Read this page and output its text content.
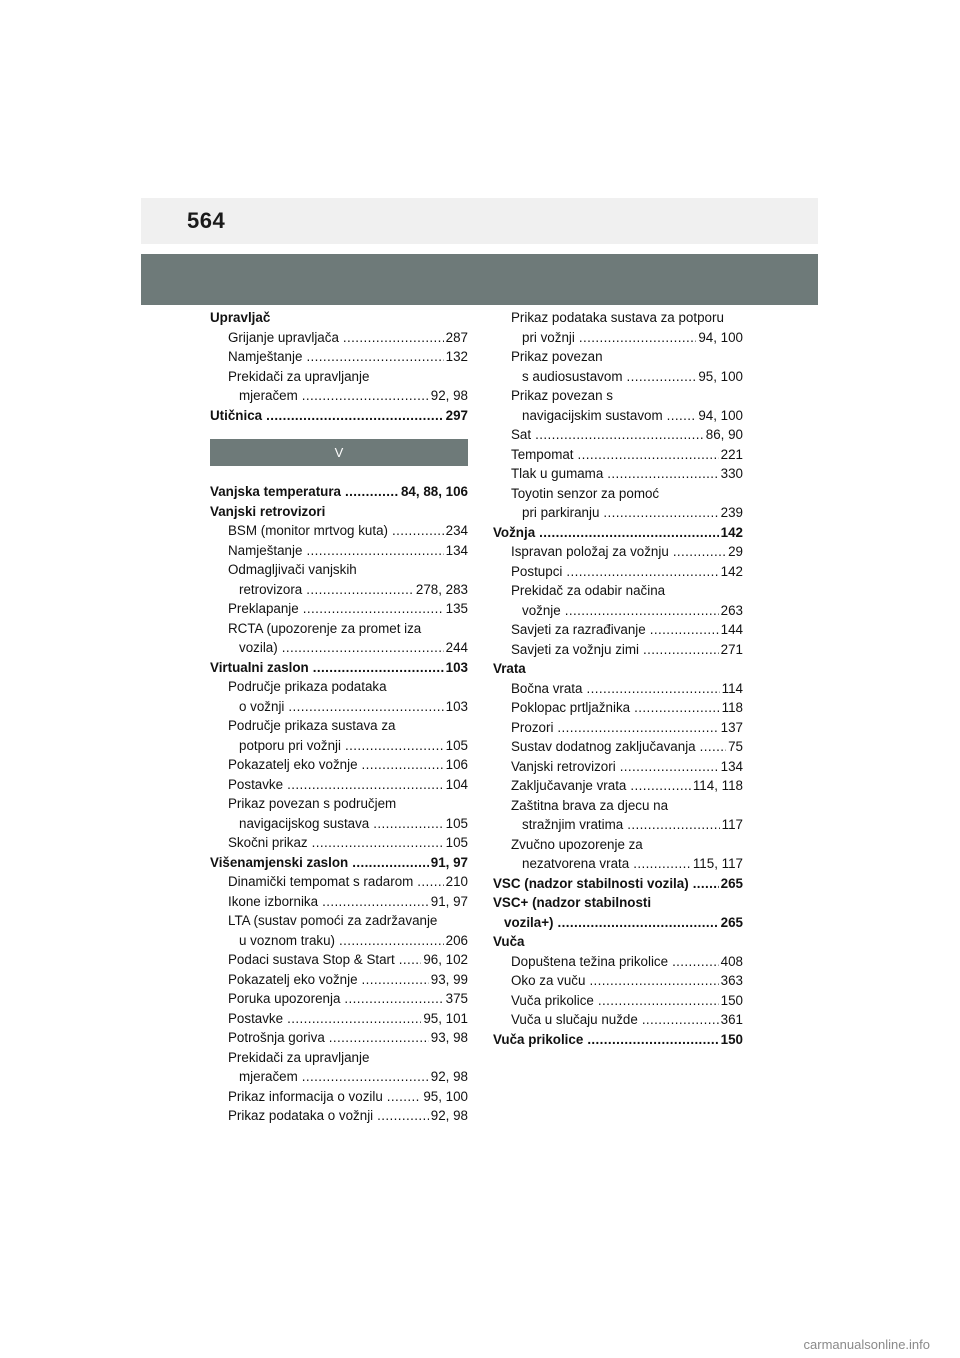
564
Upravljač
Grijanje upravljača .....	287
Namještanje .....	132
Prekidači za upravljanje
mjeračem .....	92, 98
Utičnica .....	297
V
Vanjska temperatura .....	84, 88, 106
Vanjski retrovizori
BSM (monitor mrtvog kuta) .....	234
Namještanje .....	134
Odmagljivači vanjskih
retrovizora .....	278, 283
Preklapanje .....	135
RCTA (upozorenje za promet iza
vozila) .....	244
Virtualni zaslon .....	103
Područje prikaza podataka
o vožnji .....	103
Područje prikaza sustava za
potporu pri vožnji .....	105
Pokazatelj eko vožnje .....	106
Postavke .....	104
Prikaz povezan s područjem
navigacijskog sustava .....	105
Skočni prikaz .....	105
Višenamjenski zaslon .....	91, 97
Dinamički tempomat s radarom ..... 210
Ikone izbornika .....	91, 97
LTA (sustav pomoći za zadržavanje
u voznom traku) .....	206
Podaci sustava Stop & Start ..... 96, 102
Pokazatelj eko vožnje .....	93, 99
Poruka upozorenja .....	375
Postavke .....	95, 101
Potrošnja goriva .....	93, 98
Prekidači za upravljanje
mjeračem .....	92, 98
Prikaz informacija o vozilu .....	95, 100
Prikaz podataka o vožnji .....	92, 98
Prikaz podataka sustava za potporu
pri vožnji .....	94, 100
Prikaz povezan
s audiosustavom .....	95, 100
Prikaz povezan s
navigacijskim sustavom .....	94, 100
Sat .....	86, 90
Tempomat .....	221
Tlak u gumama .....	330
Toyotin senzor za pomoć
pri parkiranju .....	239
Vožnja .....	142
Ispravan položaj za vožnju .....	29
Postupci .....	142
Prekidač za odabir načina
vožnje .....	263
Savjeti za razrađivanje .....	144
Savjeti za vožnju zimi .....	271
Vrata
Bočna vrata .....	114
Poklopac prtljažnika .....	118
Prozori .....	137
Sustav dodatnog zaključavanja ..... 75
Vanjski retrovizori .....	134
Zaključavanje vrata .....	114, 118
Zaštitna brava za djecu na
stražnjim vratima .....	117
Zvučno upozorenje za
nezatvorena vrata .....	115, 117
VSC (nadzor stabilnosti vozila) ..... 265
VSC+ (nadzor stabilnosti
vozila+) .....	265
Vuča
Dopuštena težina prikolice .....	408
Oko za vuču .....	363
Vuča prikolice .....	150
Vuča u slučaju nužde .....	361
Vuča prikolice .....	150
carmanualsonline.info
